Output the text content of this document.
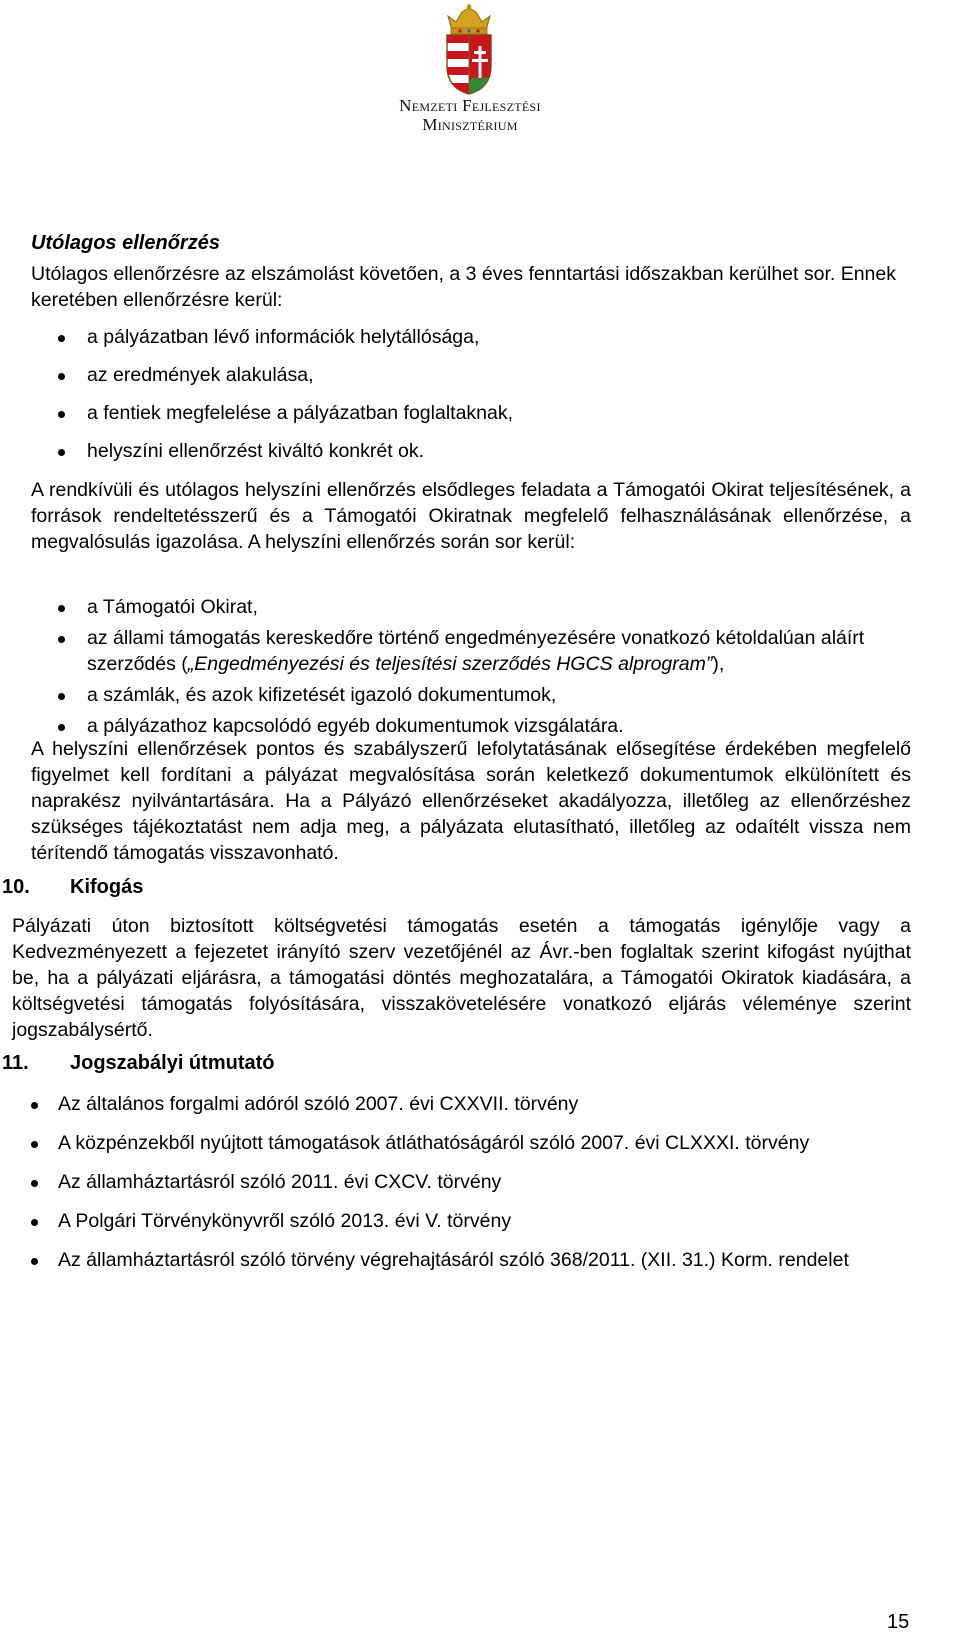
Nemzeti Fejlesztési
Minisztérium
Utólagos ellenőrzés
Utólagos ellenőrzésre az elszámolást követően, a 3 éves fenntartási időszakban kerülhet sor. Ennek keretében ellenőrzésre kerül:
a pályázatban lévő információk helytállósága,
az eredmények alakulása,
a fentiek megfelelése a pályázatban foglaltaknak,
helyszíni ellenőrzést kiváltó konkrét ok.
A rendkívüli és utólagos helyszíni ellenőrzés elsődleges feladata a Támogatói Okirat teljesítésének, a források rendeltetésszerű és a Támogatói Okiratnak megfelelő felhasználásának ellenőrzése, a megvalósulás igazolása. A helyszíni ellenőrzés során sor kerül:
a Támogatói Okirat,
az állami támogatás kereskedőre történő engedményezésére vonatkozó kétoldalúan aláírt szerződés („Engedményezési és teljesítési szerződés HGCS alprogram”),
a számlák, és azok kifizetését igazoló dokumentumok,
a pályázathoz kapcsolódó egyéb dokumentumok vizsgálatára.
A helyszíni ellenőrzések pontos és szabályszerű lefolytatásának elősegítése érdekében megfelelő figyelmet kell fordítani a pályázat megvalósítása során keletkező dokumentumok elkülönített és naprakész nyilvántartására. Ha a Pályázó ellenőrzéseket akadályozza, illetőleg az ellenőrzéshez szükséges tájékoztatást nem adja meg, a pályázata elutasítható, illetőleg az odaítélt vissza nem térítendő támogatás visszavonható.
10. Kifogás
Pályázati úton biztosított költségvetési támogatás esetén a támogatás igénylője vagy a Kedvezményezett a fejezetet irányító szerv vezetőjénél az Ávr.-ben foglaltak szerint kifogást nyújthat be, ha a pályázati eljárásra, a támogatási döntés meghozatalára, a Támogatói Okiratok kiadására, a költségvetési támogatás folyósítására, visszakövetelésére vonatkozó eljárás véleménye szerint jogszabálysértő.
11. Jogszabályi útmutató
Az általános forgalmi adóról szóló 2007. évi CXXVII. törvény
A közpénzekből nyújtott támogatások átláthatóságáról szóló 2007. évi CLXXXI. törvény
Az államháztartásról szóló 2011. évi CXCV. törvény
A Polgári Törvénykönyvről szóló 2013. évi V. törvény
Az államháztartásról szóló törvény végrehajtásáról szóló 368/2011. (XII. 31.) Korm. rendelet
15
